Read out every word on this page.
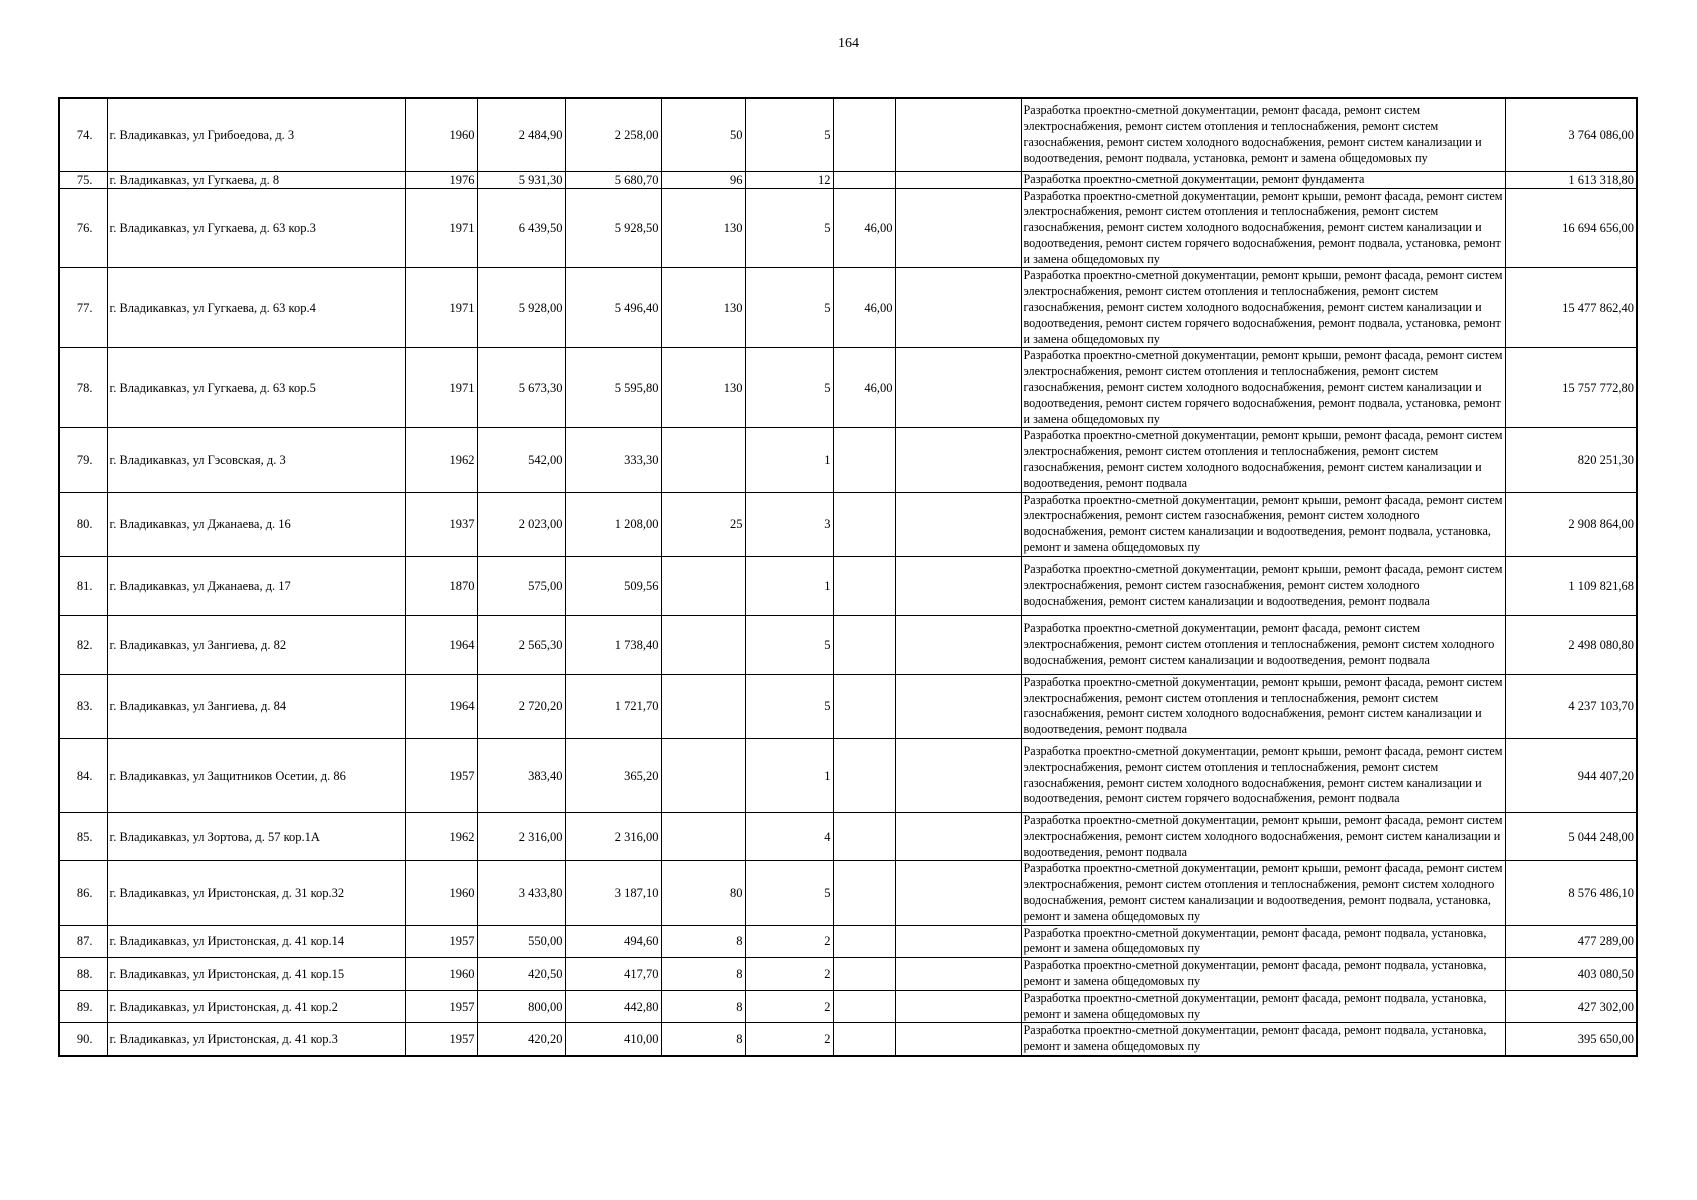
164
74.	г. Владикавказ, ул Грибоедова, д. 3	1960	2 484,90	2 258,00	50	5			Разработка проектно-сметной документации, ремонт фасада, ремонт систем электроснабжения, ремонт систем отопления и теплоснабжения, ремонт систем газоснабжения, ремонт систем холодного водоснабжения, ремонт систем канализации и водоотведения, ремонт подвала, установка, ремонт и замена общедомовых пу	3 764 086,00
75.	г. Владикавказ, ул Гугкаева, д. 8	1976	5 931,30	5 680,70	96	12			Разработка проектно-сметной документации, ремонт фундамента	1 613 318,80
76.	г. Владикавказ, ул Гугкаева, д. 63 кор.3	1971	6 439,50	5 928,50	130	5	46,00		Разработка проектно-сметной документации, ремонт крыши, ремонт фасада, ремонт систем электроснабжения, ремонт систем отопления и теплоснабжения, ремонт систем газоснабжения, ремонт систем холодного водоснабжения, ремонт систем канализации и водоотведения, ремонт систем горячего водоснабжения, ремонт подвала, установка, ремонт и замена общедомовых пу	16 694 656,00
77.	г. Владикавказ, ул Гугкаева, д. 63 кор.4	1971	5 928,00	5 496,40	130	5	46,00		Разработка проектно-сметной документации, ремонт крыши, ремонт фасада, ремонт систем электроснабжения, ремонт систем отопления и теплоснабжения, ремонт систем газоснабжения, ремонт систем холодного водоснабжения, ремонт систем канализации и водоотведения, ремонт систем горячего водоснабжения, ремонт подвала, установка, ремонт и замена общедомовых пу	15 477 862,40
78.	г. Владикавказ, ул Гугкаева, д. 63 кор.5	1971	5 673,30	5 595,80	130	5	46,00		Разработка проектно-сметной документации, ремонт крыши, ремонт фасада, ремонт систем электроснабжения, ремонт систем отопления и теплоснабжения, ремонт систем газоснабжения, ремонт систем холодного водоснабжения, ремонт систем канализации и водоотведения, ремонт систем горячего водоснабжения, ремонт подвала, установка, ремонт и замена общедомовых пу	15 757 772,80
79.	г. Владикавказ, ул Гэсовская, д. 3	1962	542,00	333,30		1			Разработка проектно-сметной документации, ремонт крыши, ремонт фасада, ремонт систем электроснабжения, ремонт систем отопления и теплоснабжения, ремонт систем газоснабжения, ремонт систем холодного водоснабжения, ремонт систем канализации и водоотведения, ремонт подвала	820 251,30
80.	г. Владикавказ, ул Джанаева, д. 16	1937	2 023,00	1 208,00	25	3			Разработка проектно-сметной документации, ремонт крыши, ремонт фасада, ремонт систем электроснабжения, ремонт систем газоснабжения, ремонт систем холодного водоснабжения, ремонт систем канализации и водоотведения, ремонт подвала, установка, ремонт и замена общедомовых пу	2 908 864,00
81.	г. Владикавказ, ул Джанаева, д. 17	1870	575,00	509,56		1			Разработка проектно-сметной документации, ремонт крыши, ремонт фасада, ремонт систем электроснабжения, ремонт систем газоснабжения, ремонт систем холодного водоснабжения, ремонт систем канализации и водоотведения, ремонт подвала	1 109 821,68
82.	г. Владикавказ, ул Зангиева, д. 82	1964	2 565,30	1 738,40		5			Разработка проектно-сметной документации, ремонт фасада, ремонт систем электроснабжения, ремонт систем отопления и теплоснабжения, ремонт систем холодного водоснабжения, ремонт систем канализации и водоотведения, ремонт подвала	2 498 080,80
83.	г. Владикавказ, ул Зангиева, д. 84	1964	2 720,20	1 721,70		5			Разработка проектно-сметной документации, ремонт крыши, ремонт фасада, ремонт систем электроснабжения, ремонт систем отопления и теплоснабжения, ремонт систем газоснабжения, ремонт систем холодного водоснабжения, ремонт систем канализации и водоотведения, ремонт подвала	4 237 103,70
84.	г. Владикавказ, ул Защитников Осетии, д. 86	1957	383,40	365,20		1			Разработка проектно-сметной документации, ремонт крыши, ремонт фасада, ремонт систем электроснабжения, ремонт систем отопления и теплоснабжения, ремонт систем газоснабжения, ремонт систем холодного водоснабжения, ремонт систем канализации и водоотведения, ремонт систем горячего водоснабжения, ремонт подвала	944 407,20
85.	г. Владикавказ, ул Зортова, д. 57 кор.1А	1962	2 316,00	2 316,00		4			Разработка проектно-сметной документации, ремонт крыши, ремонт фасада, ремонт систем электроснабжения, ремонт систем холодного водоснабжения, ремонт систем канализации и водоотведения, ремонт подвала	5 044 248,00
86.	г. Владикавказ, ул Иристонская, д. 31 кор.32	1960	3 433,80	3 187,10	80	5			Разработка проектно-сметной документации, ремонт крыши, ремонт фасада, ремонт систем электроснабжения, ремонт систем отопления и теплоснабжения, ремонт систем холодного водоснабжения, ремонт систем канализации и водоотведения, ремонт подвала, установка, ремонт и замена общедомовых пу	8 576 486,10
87.	г. Владикавказ, ул Иристонская, д. 41 кор.14	1957	550,00	494,60	8	2			Разработка проектно-сметной документации, ремонт фасада, ремонт подвала, установка, ремонт и замена общедомовых пу	477 289,00
88.	г. Владикавказ, ул Иристонская, д. 41 кор.15	1960	420,50	417,70	8	2			Разработка проектно-сметной документации, ремонт фасада, ремонт подвала, установка, ремонт и замена общедомовых пу	403 080,50
89.	г. Владикавказ, ул Иристонская, д. 41 кор.2	1957	800,00	442,80	8	2			Разработка проектно-сметной документации, ремонт фасада, ремонт подвала, установка, ремонт и замена общедомовых пу	427 302,00
90.	г. Владикавказ, ул Иристонская, д. 41 кор.3	1957	420,20	410,00	8	2			Разработка проектно-сметной документации, ремонт фасада, ремонт подвала, установка, ремонт и замена общедомовых пу	395 650,00
